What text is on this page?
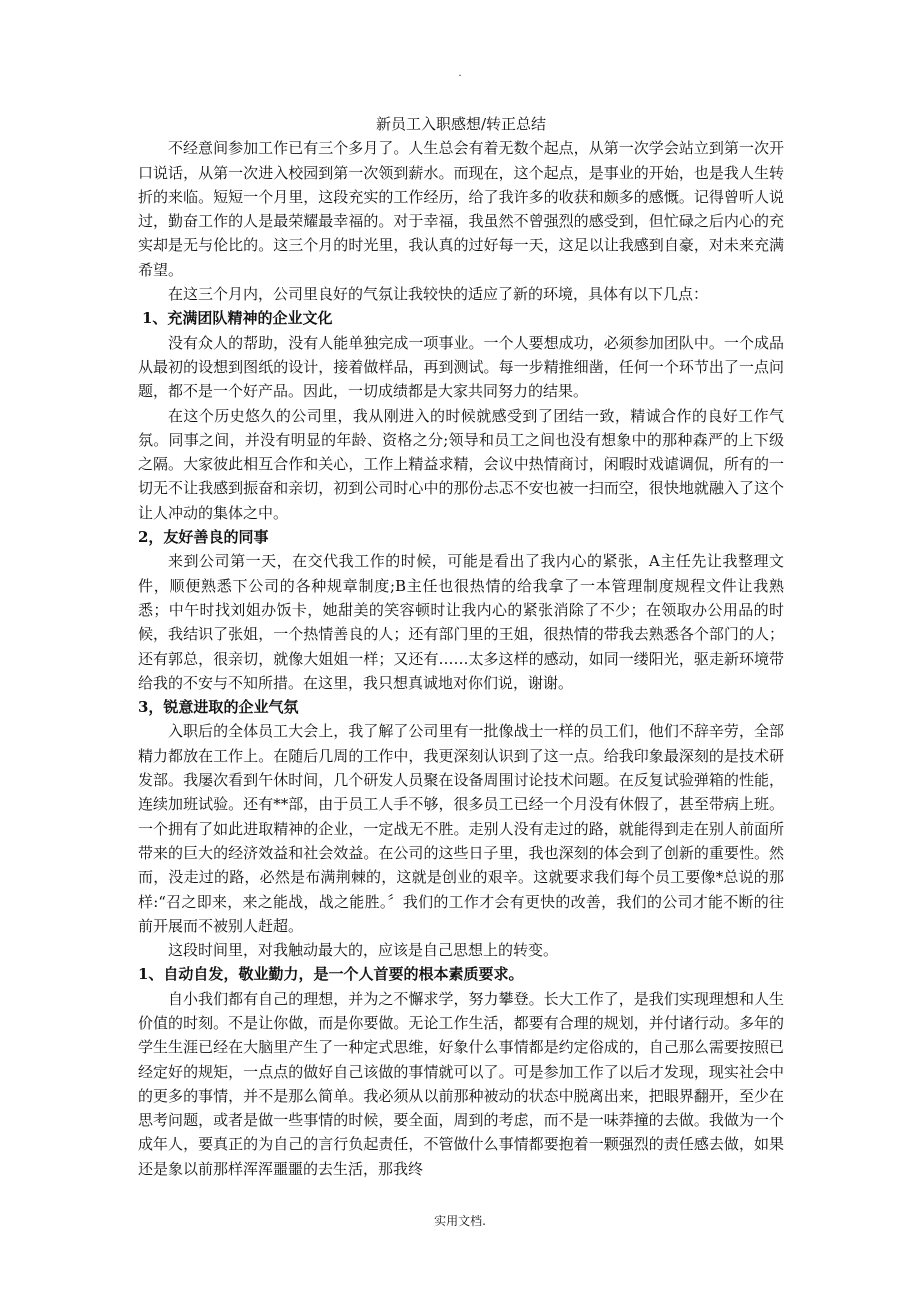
.

新员工入职感想/转正总结

不经意间参加工作已有三个多月了。人生总会有着无数个起点，从第一次学会站立到第一次开口说话，从第一次进入校园到第一次领到薪水。而现在，这个起点，是事业的开始，也是我人生转折的来临。短短一个月里，这段充实的工作经历，给了我许多的收获和颇多的感慨。记得曾听人说过，勤奋工作的人是最荣耀最幸福的。对于幸福，我虽然不曾强烈的感受到，但忙碌之后内心的充实却是无与伦比的。这三个月的时光里，我认真的过好每一天，这足以让我感到自豪，对未来充满希望。

在这三个月内，公司里良好的气氛让我较快的适应了新的环境，具体有以下几点：

1、充满团队精神的企业文化

没有众人的帮助，没有人能单独完成一项事业。一个人要想成功，必须参加团队中。一个成品从最初的设想到图纸的设计，接着做样品，再到测试。每一步精推细凿，任何一个环节出了一点问题，都不是一个好产品。因此，一切成绩都是大家共同努力的结果。

在这个历史悠久的公司里，我从刚进入的时候就感受到了团结一致，精诚合作的良好工作气氛。同事之间，并没有明显的年龄、资格之分;领导和员工之间也没有想象中的那种森严的上下级之隔。大家彼此相互合作和关心，工作上精益求精，会议中热情商讨，闲暇时戏谑调侃，所有的一切无不让我感到振奋和亲切，初到公司时心中的那份忐忑不安也被一扫而空，很快地就融入了这个让人冲动的集体之中。

2，友好善良的同事

来到公司第一天，在交代我工作的时候，可能是看出了我内心的紧张，A主任先让我整理文件，顺便熟悉下公司的各种规章制度;B主任也很热情的给我拿了一本管理制度规程文件让我熟悉；中午时找刘姐办饭卡，她甜美的笑容顿时让我内心的紧张消除了不少；在领取办公用品的时候，我结识了张姐，一个热情善良的人；还有部门里的王姐，很热情的带我去熟悉各个部门的人；还有郭总，很亲切，就像大姐姐一样；又还有……太多这样的感动，如同一缕阳光，驱走新环境带给我的不安与不知所措。在这里，我只想真诚地对你们说，谢谢。

3，锐意进取的企业气氛

入职后的全体员工大会上，我了解了公司里有一批像战士一样的员工们，他们不辞辛劳，全部精力都放在工作上。在随后几周的工作中，我更深刻认识到了这一点。给我印象最深刻的是技术研发部。我屡次看到午休时间，几个研发人员聚在设备周围讨论技术问题。在反复试验弹箱的性能，连续加班试验。还有**部，由于员工人手不够，很多员工已经一个月没有休假了，甚至带病上班。一个拥有了如此进取精神的企业，一定战无不胜。走别人没有走过的路，就能得到走在别人前面所带来的巨大的经济效益和社会效益。在公司的这些日子里，我也深刻的体会到了创新的重要性。然而，没走过的路，必然是布满荆棘的，这就是创业的艰辛。这就要求我们每个员工要像*总说的那样:“召之即来，来之能战，战之能胜。〞我们的工作才会有更快的改善，我们的公司才能不断的往前开展而不被别人赶超。

这段时间里，对我触动最大的，应该是自己思想上的转变。

1、自动自发，敬业勤力，是一个人首要的根本素质要求。

自小我们都有自己的理想，并为之不懈求学，努力攀登。长大工作了，是我们实现理想和人生价值的时刻。不是让你做，而是你要做。无论工作生活，都要有合理的规划，并付诸行动。多年的学生生涯已经在大脑里产生了一种定式思维，好象什么事情都是约定俗成的，自己那么需要按照已经定好的规矩，一点点的做好自己该做的事情就可以了。可是参加工作了以后才发现，现实社会中的更多的事情，并不是那么简单。我必须从以前那种被动的状态中脱离出来，把眼界翻开，至少在思考问题，或者是做一些事情的时候，要全面，周到的考虑，而不是一味莽撞的去做。我做为一个成年人，要真正的为自己的言行负起责任，不管做什么事情都要抱着一颗强烈的责任感去做，如果还是象以前那样浑浑噩噩的去生活，那我终

实用文档.
